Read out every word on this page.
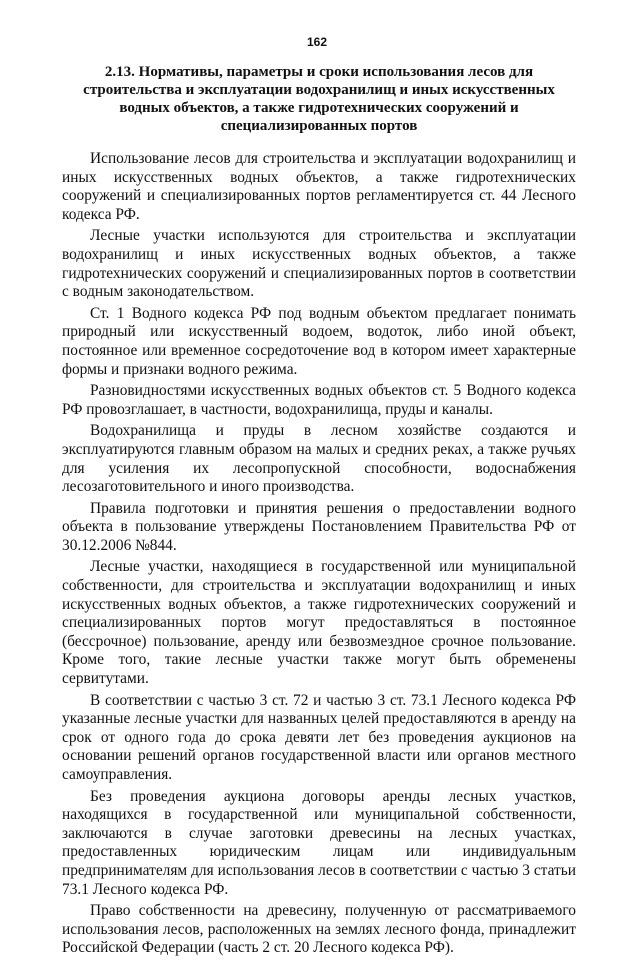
162
2.13. Нормативы, параметры и сроки использования лесов для строительства и эксплуатации водохранилищ и иных искусственных водных объектов, а также гидротехнических сооружений и специализированных портов

Использование лесов для строительства и эксплуатации водохранилищ и иных искусственных водных объектов, а также гидротехнических сооружений и специализированных портов регламентируется ст. 44 Лесного кодекса РФ.

Лесные участки используются для строительства и эксплуатации водохранилищ и иных искусственных водных объектов, а также гидротехнических сооружений и специализированных портов в соответствии с водным законодательством.

Ст. 1 Водного кодекса РФ под водным объектом предлагает понимать природный или искусственный водоем, водоток, либо иной объект, постоянное или временное сосредоточение вод в котором имеет характерные формы и признаки водного режима.

Разновидностями искусственных водных объектов ст. 5 Водного кодекса РФ провозглашает, в частности, водохранилища, пруды и каналы.

Водохранилища и пруды в лесном хозяйстве создаются и эксплуатируются главным образом на малых и средних реках, а также ручьях для усиления их лесопропускной способности, водоснабжения лесозаготовительного и иного производства.

Правила подготовки и принятия решения о предоставлении водного объекта в пользование утверждены Постановлением Правительства РФ от 30.12.2006 №844.

Лесные участки, находящиеся в государственной или муниципальной собственности, для строительства и эксплуатации водохранилищ и иных искусственных водных объектов, а также гидротехнических сооружений и специализированных портов могут предоставляться в постоянное (бессрочное) пользование, аренду или безвозмездное срочное пользование. Кроме того, такие лесные участки также могут быть обременены сервитутами.

В соответствии с частью 3 ст. 72 и частью 3 ст. 73.1 Лесного кодекса РФ указанные лесные участки для названных целей предоставляются в аренду на срок от одного года до срока девяти лет без проведения аукционов на основании решений органов государственной власти или органов местного самоуправления.

Без проведения аукциона договоры аренды лесных участков, находящихся в государственной или муниципальной собственности, заключаются в случае заготовки древесины на лесных участках, предоставленных юридическим лицам или индивидуальным предпринимателям для использования лесов в соответствии с частью 3 статьи 73.1 Лесного кодекса РФ.

Право собственности на древесину, полученную от рассматриваемого использования лесов, расположенных на землях лесного фонда, принадлежит Российской Федерации (часть 2 ст. 20 Лесного кодекса РФ).
